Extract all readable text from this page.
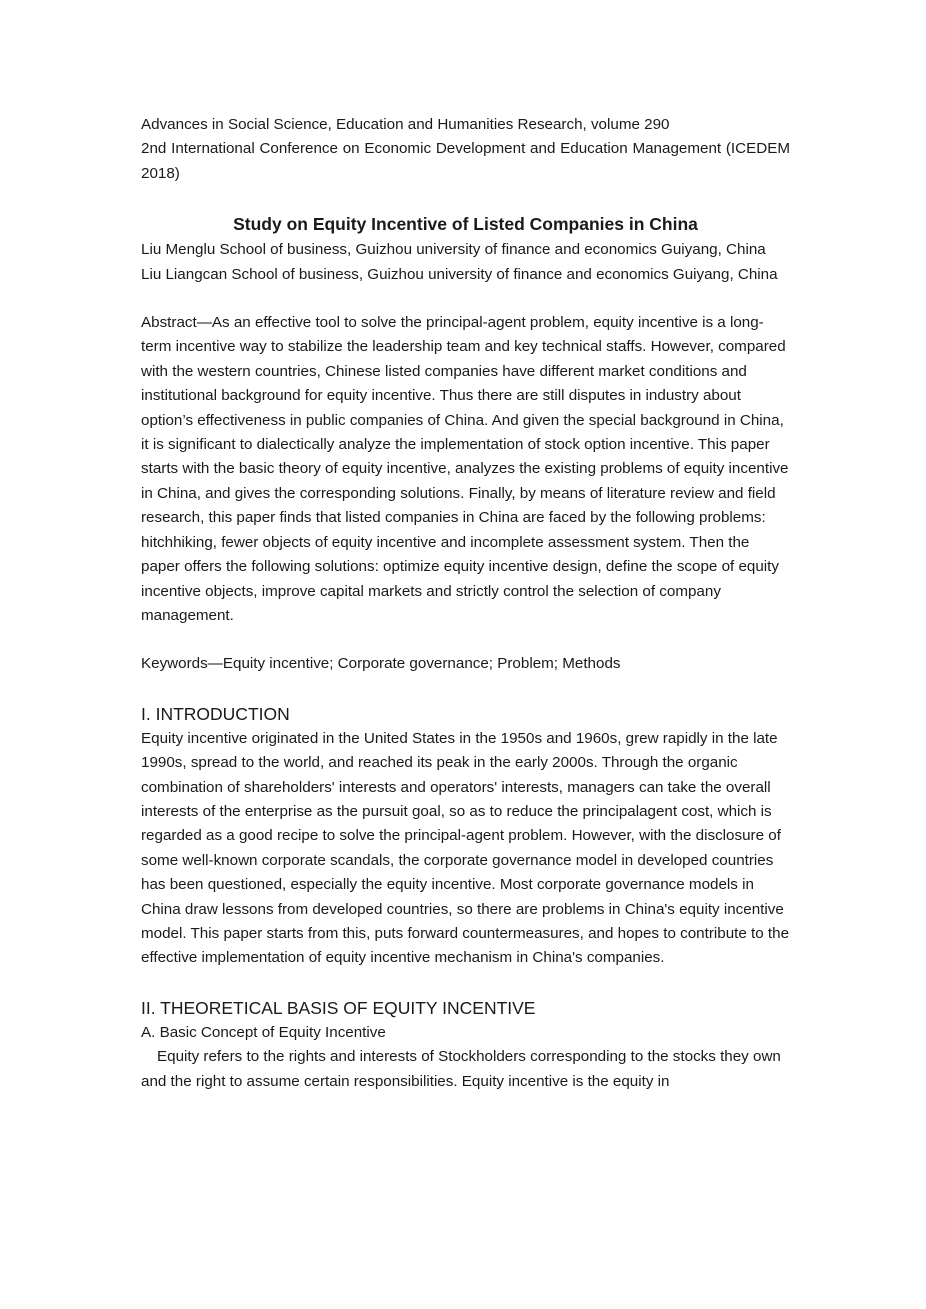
Advances in Social Science, Education and Humanities Research, volume 290

2nd International Conference on Economic Development and Education Management (ICEDEM 2018)

Study on Equity Incentive of Listed Companies in China

Liu Menglu School of business, Guizhou university of finance and economics Guiyang, China

Liu Liangcan School of business, Guizhou university of finance and economics Guiyang, China

Abstract—As an effective tool to solve the principal-agent problem, equity incentive is a long-term incentive way to stabilize the leadership team and key technical staffs. However, compared with the western countries, Chinese listed companies have different market conditions and institutional background for equity incentive. Thus there are still disputes in industry about option’s effectiveness in public companies of China. And given the special background in China, it is significant to dialectically analyze the implementation of stock option incentive. This paper starts with the basic theory of equity incentive, analyzes the existing problems of equity incentive in China, and gives the corresponding solutions. Finally, by means of literature review and field research, this paper finds that listed companies in China are faced by the following problems: hitchhiking, fewer objects of equity incentive and incomplete assessment system. Then the paper offers the following solutions: optimize equity incentive design, define the scope of equity incentive objects, improve capital markets and strictly control the selection of company management.

Keywords—Equity incentive; Corporate governance; Problem; Methods

I. INTRODUCTION

Equity incentive originated in the United States in the 1950s and 1960s, grew rapidly in the late 1990s, spread to the world, and reached its peak in the early 2000s. Through the organic combination of shareholders' interests and operators' interests, managers can take the overall interests of the enterprise as the pursuit goal, so as to reduce the principalagent cost, which is regarded as a good recipe to solve the principal-agent problem. However, with the disclosure of some well-known corporate scandals, the corporate governance model in developed countries has been questioned, especially the equity incentive. Most corporate governance models in China draw lessons from developed countries, so there are problems in China's equity incentive model. This paper starts from this, puts forward countermeasures, and hopes to contribute to the effective implementation of equity incentive mechanism in China's companies.

II. THEORETICAL BASIS OF EQUITY INCENTIVE
A. Basic Concept of Equity Incentive

Equity refers to the rights and interests of Stockholders corresponding to the stocks they own and the right to assume certain responsibilities. Equity incentive is the equity in
